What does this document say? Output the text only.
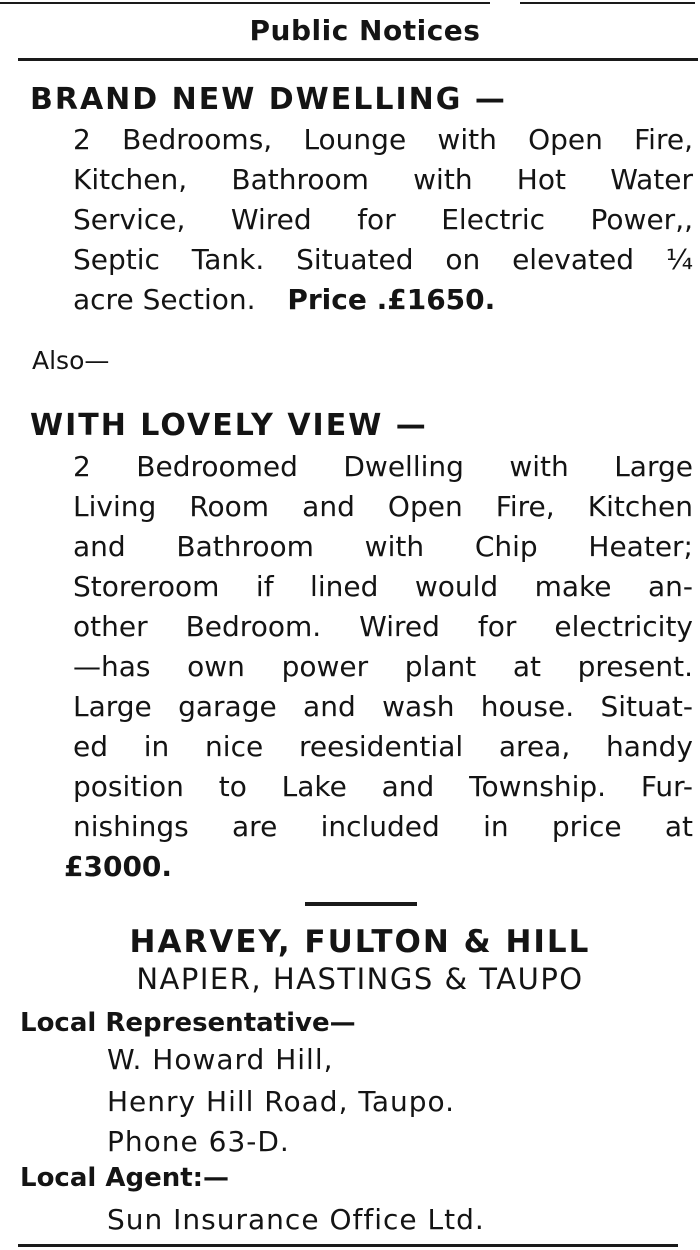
Public Notices
BRAND NEW DWELLING —
2 Bedrooms, Lounge with Open Fire,
Kitchen, Bathroom with Hot Water
Service, Wired for Electric Power,,
Septic Tank. Situated on elevated ¼
acre Section. Price .£1650.
Also—
WITH LOVELY VIEW —
2 Bedroomed Dwelling with Large
Living Room and Open Fire, Kitchen
and Bathroom with Chip Heater;
Storeroom if lined would make an-
other Bedroom. Wired for electricity
—has own power plant at present.
Large garage and wash house. Situat-
ed in nice reesidential area, handy
position to Lake and Township. Fur-
nishings are included in price at
£3000.
HARVEY, FULTON & HILL
NAPIER, HASTINGS & TAUPO
Local Representative—
W. Howard Hill,
Henry Hill Road, Taupo.
Phone 63-D.
Local Agent:—
Sun Insurance Office Ltd.
